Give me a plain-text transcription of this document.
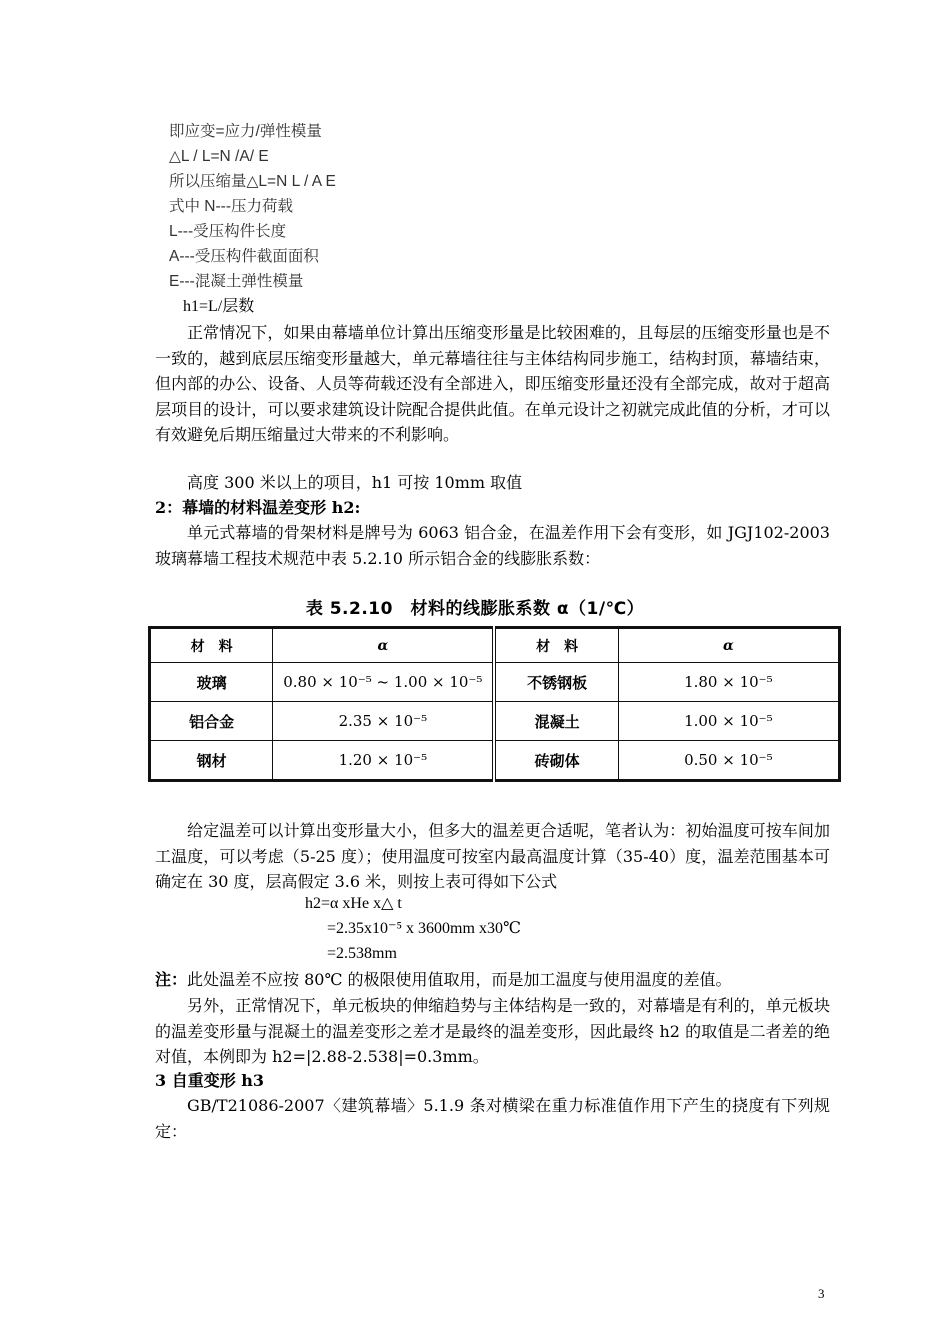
即应变=应力/弹性模量
△L / L=N /A/ E
所以压缩量△L=N L / A E
式中 N---压力荷载
L---受压构件长度
A---受压构件截面面积
E---混凝土弹性模量
h1=L/层数
正常情况下，如果由幕墙单位计算出压缩变形量是比较困难的，且每层的压缩变形量也是不一致的，越到底层压缩变形量越大，单元幕墙往往与主体结构同步施工，结构封顶，幕墙结束，但内部的办公、设备、人员等荷载还没有全部进入，即压缩变形量还没有全部完成，故对于超高层项目的设计，可以要求建筑设计院配合提供此值。在单元设计之初就完成此值的分析，才可以有效避免后期压缩量过大带来的不利影响。
高度 300 米以上的项目，h1 可按 10mm 取值
2：幕墙的材料温差变形 h2:
单元式幕墙的骨架材料是牌号为 6063 铝合金，在温差作用下会有变形，如 JGJ102-2003 玻璃幕墙工程技术规范中表 5.2.10 所示铝合金的线膨胀系数：
表 5.2.10　材料的线膨胀系数 α（1/℃）
材　料	α	材　料	α
玻璃	0.80 × 10⁻⁵ ~ 1.00 × 10⁻⁵	不锈钢板	1.80 × 10⁻⁵
铝合金	2.35 × 10⁻⁵	混凝土	1.00 × 10⁻⁵
钢材	1.20 × 10⁻⁵	砖砌体	0.50 × 10⁻⁵
给定温差可以计算出变形量大小，但多大的温差更合适呢，笔者认为：初始温度可按车间加工温度，可以考虑（5-25 度）；使用温度可按室内最高温度计算（35-40）度，温差范围基本可确定在 30 度，层高假定 3.6 米，则按上表可得如下公式
h2=α xHe x△ t
=2.35x10⁻⁵ x 3600mm x30℃
=2.538mm
注：此处温差不应按 80℃ 的极限使用值取用，而是加工温度与使用温度的差值。
另外，正常情况下，单元板块的伸缩趋势与主体结构是一致的，对幕墙是有利的，单元板块的温差变形量与混凝土的温差变形之差才是最终的温差变形，因此最终 h2 的取值是二者差的绝对值，本例即为 h2=|2.88-2.538|=0.3mm。
3 自重变形 h3
GB/T21086-2007〈建筑幕墙〉5.1.9 条对横梁在重力标准值作用下产生的挠度有下列规定：
3
